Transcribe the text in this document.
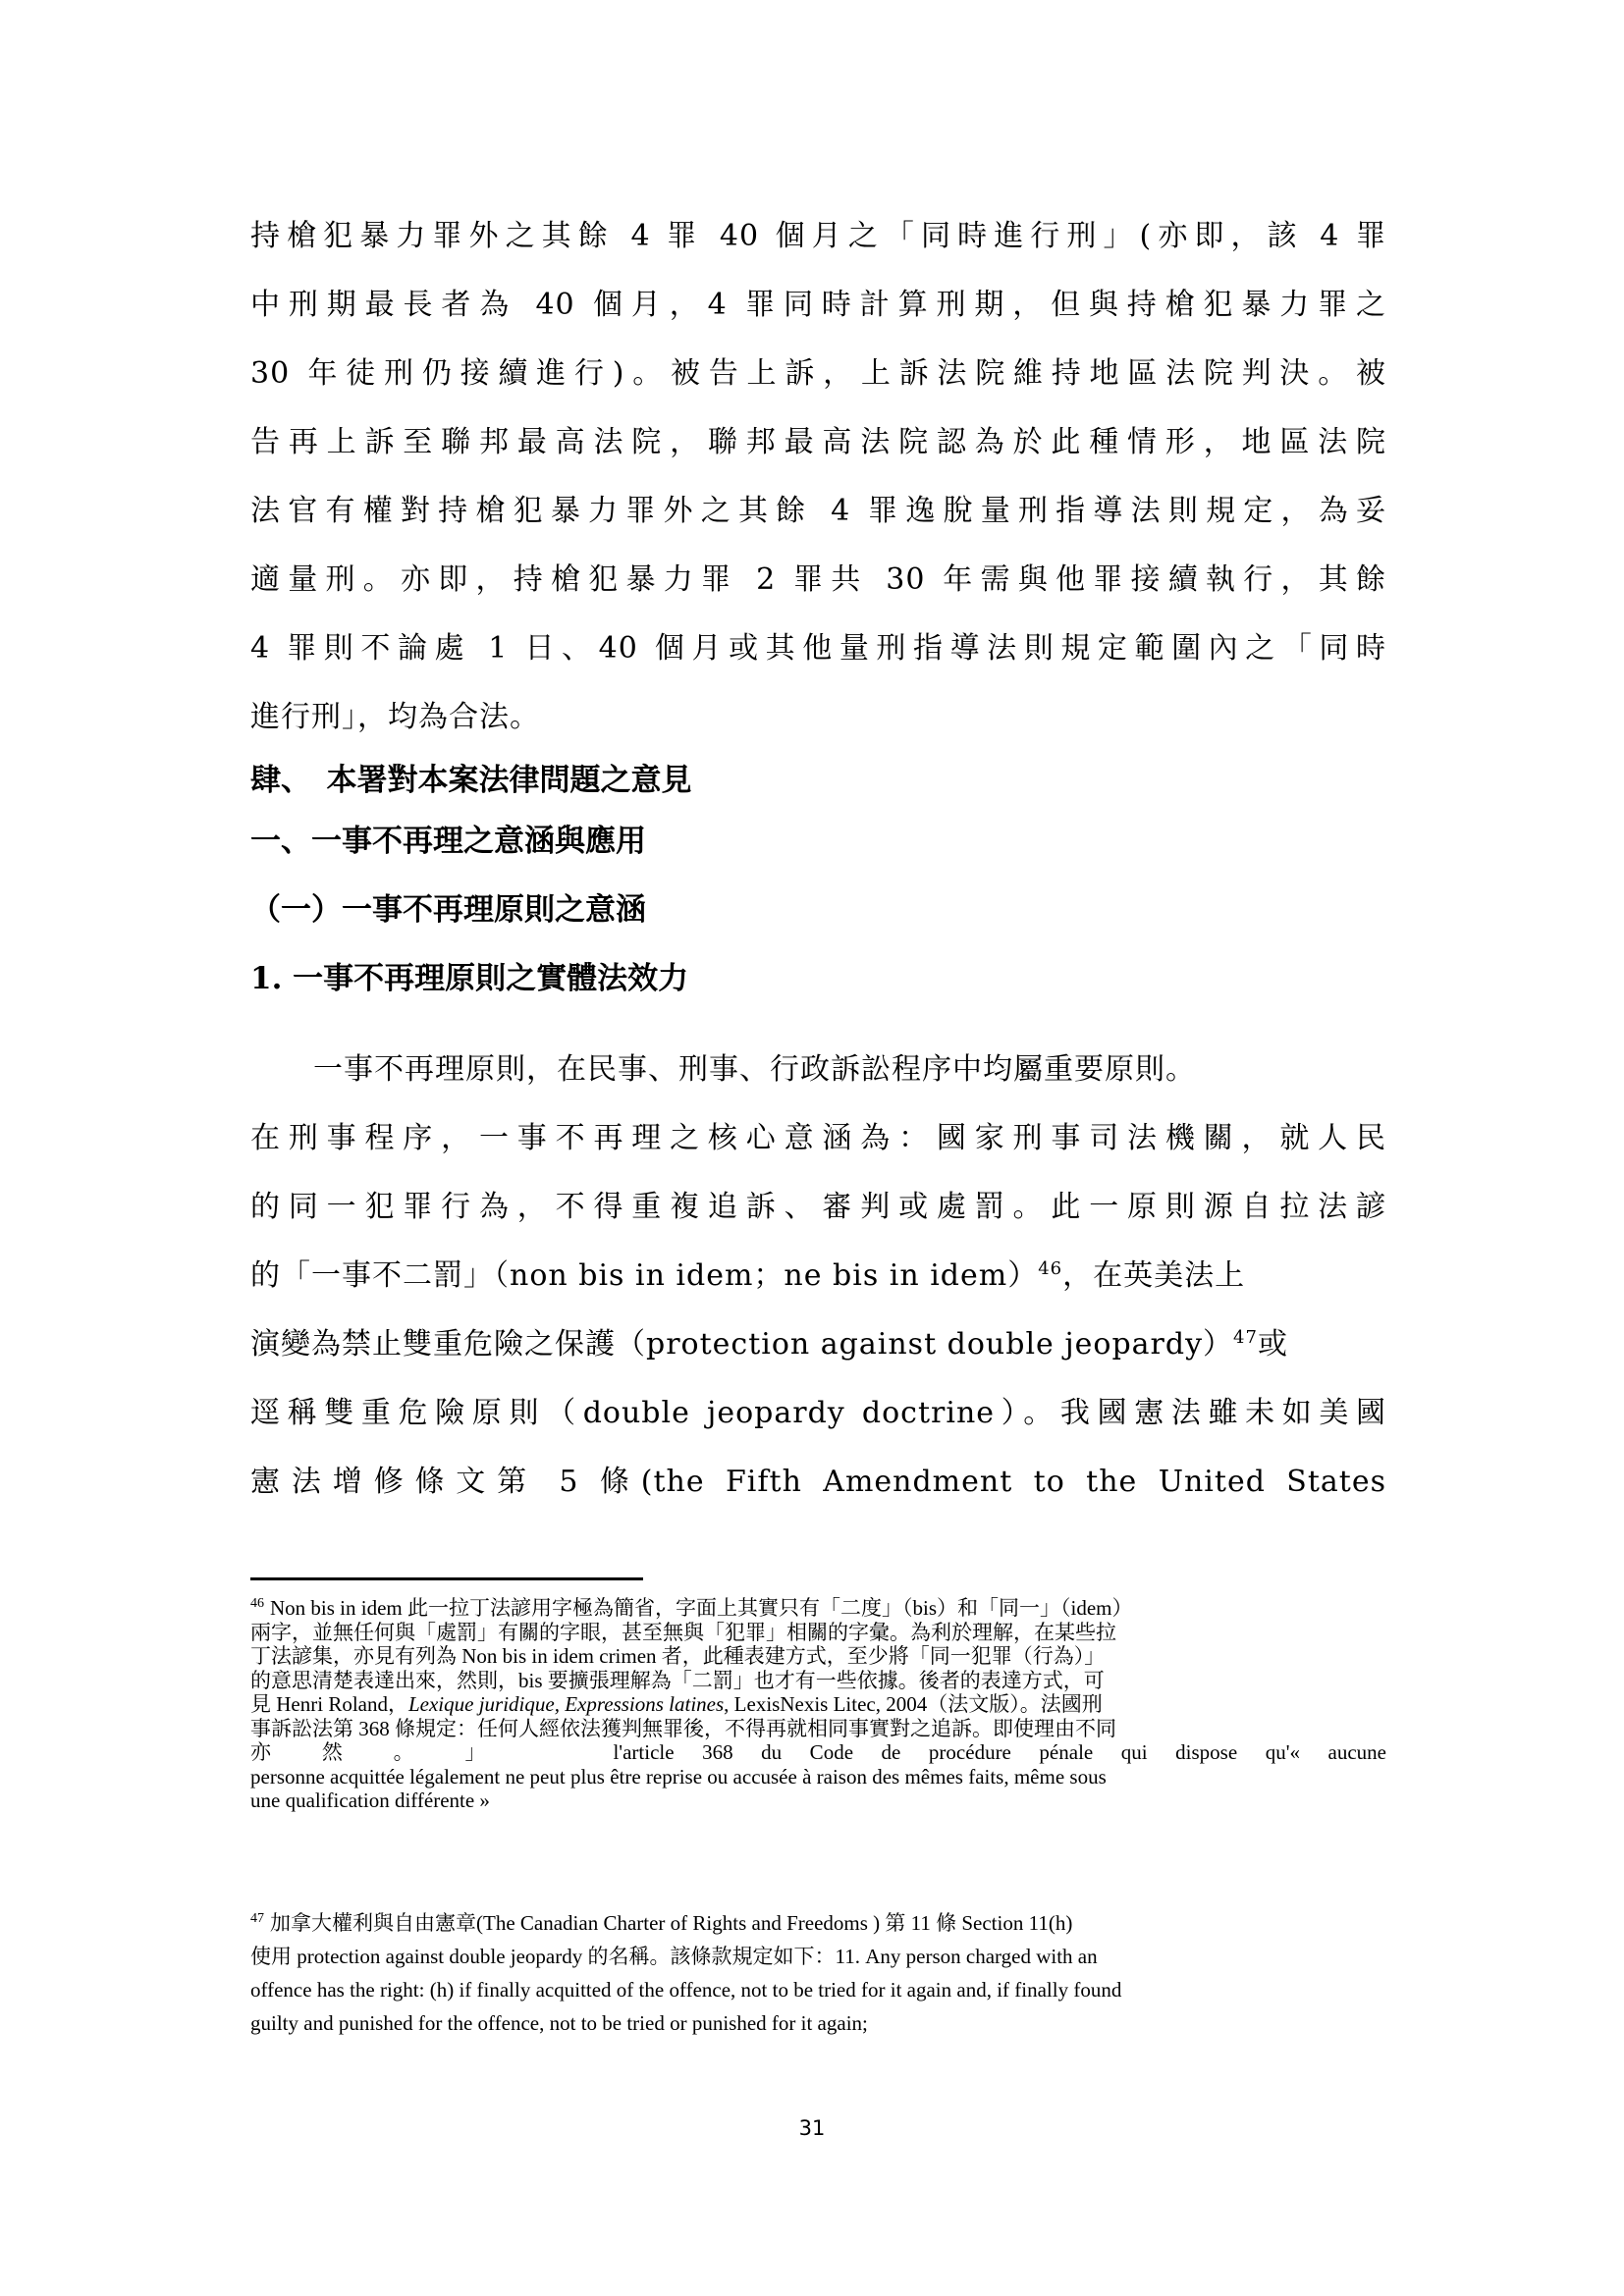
持槍犯暴力罪外之其餘 4 罪 40 個月之「同時進行刑」(亦即，該 4 罪
中刑期最長者為 40 個月，4 罪同時計算刑期，但與持槍犯暴力罪之
30 年徒刑仍接續進行)。被告上訴，上訴法院維持地區法院判決。被
告再上訴至聯邦最高法院，聯邦最高法院認為於此種情形，地區法院
法官有權對持槍犯暴力罪外之其餘 4 罪逸脫量刑指導法則規定，為妥
適量刑。亦即，持槍犯暴力罪 2 罪共 30 年需與他罪接續執行，其餘
4 罪則不論處 1 日、40 個月或其他量刑指導法則規定範圍內之「同時
進行刑」，均為合法。
肆、　本署對本案法律問題之意見
一、一事不再理之意涵與應用
（一）一事不再理原則之意涵
1. 一事不再理原則之實體法效力
一事不再理原則，在民事、刑事、行政訴訟程序中均屬重要原則。
在刑事程序，一事不再理之核心意涵為：國家刑事司法機關，就人民
的同一犯罪行為，不得重複追訴、審判或處罰。此一原則源自拉法諺
的「一事不二罰」（non bis in idem；ne bis in idem）$^{46}$，在英美法上
演變為禁止雙重危險之保護（protection against double jeopardy）$^{47}$或
逕稱雙重危險原則（double jeopardy doctrine）。我國憲法雖未如美國
憲法增修條文第 5 條(the Fifth Amendment to the United States
$^{46}$ Non bis in idem 此一拉丁法諺用字極為簡省，字面上其實只有「二度」（bis）和「同一」（idem）
兩字，並無任何與「處罰」有關的字眼，甚至無與「犯罪」相關的字彙。為利於理解，在某些拉
丁法諺集，亦見有列為 Non bis in idem crimen 者，此種表建方式，至少將「同一犯罪（行為）」
的意思清楚表達出來，然則，bis 要擴張理解為「二罰」也才有一些依據。後者的表達方式，可
見 Henri Roland，Lexique juridique, Expressions latines, LexisNexis Litec, 2004（法文版）。法國刑
事訴訟法第 368 條規定：任何人經依法獲判無罪後，不得再就相同事實對之追訴。即使理由不同
亦 然 。 」　　 l'article 368 du Code de procédure pénale qui dispose qu'« aucune
personne acquittée légalement ne peut plus être reprise ou accusée à raison des mêmes faits, même sous
une qualification différente »
$^{47}$ 加拿大權利與自由憲章(The Canadian Charter of Rights and Freedoms ) 第 11 條 Section 11(h)
使用 protection against double jeopardy 的名稱。該條款規定如下：11. Any person charged with an
offence has the right: (h) if finally acquitted of the offence, not to be tried for it again and, if finally found
guilty and punished for the offence, not to be tried or punished for it again;
31
